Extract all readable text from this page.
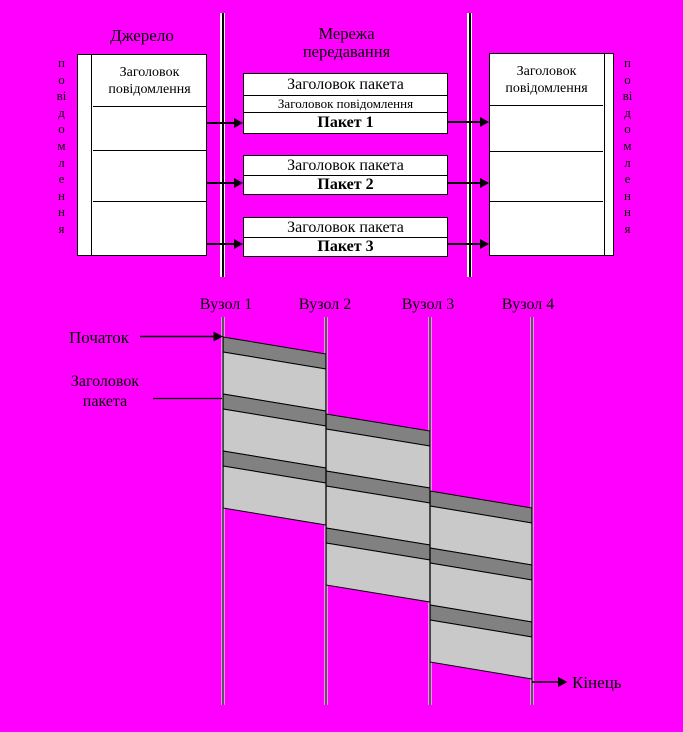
Джерело
повідомлення
Заголовок повідомлення
Мережа передавання
Заголовок пакета
Заголовок повідомлення
Пакет 1
Заголовок пакета
Пакет 2
Заголовок пакета
Пакет 3
Заголовок повідомлення
повідомлення
Вузол 1	Вузол 2	Вузол 3	Вузол 4
Початок
Заголовок пакета
Кінець
